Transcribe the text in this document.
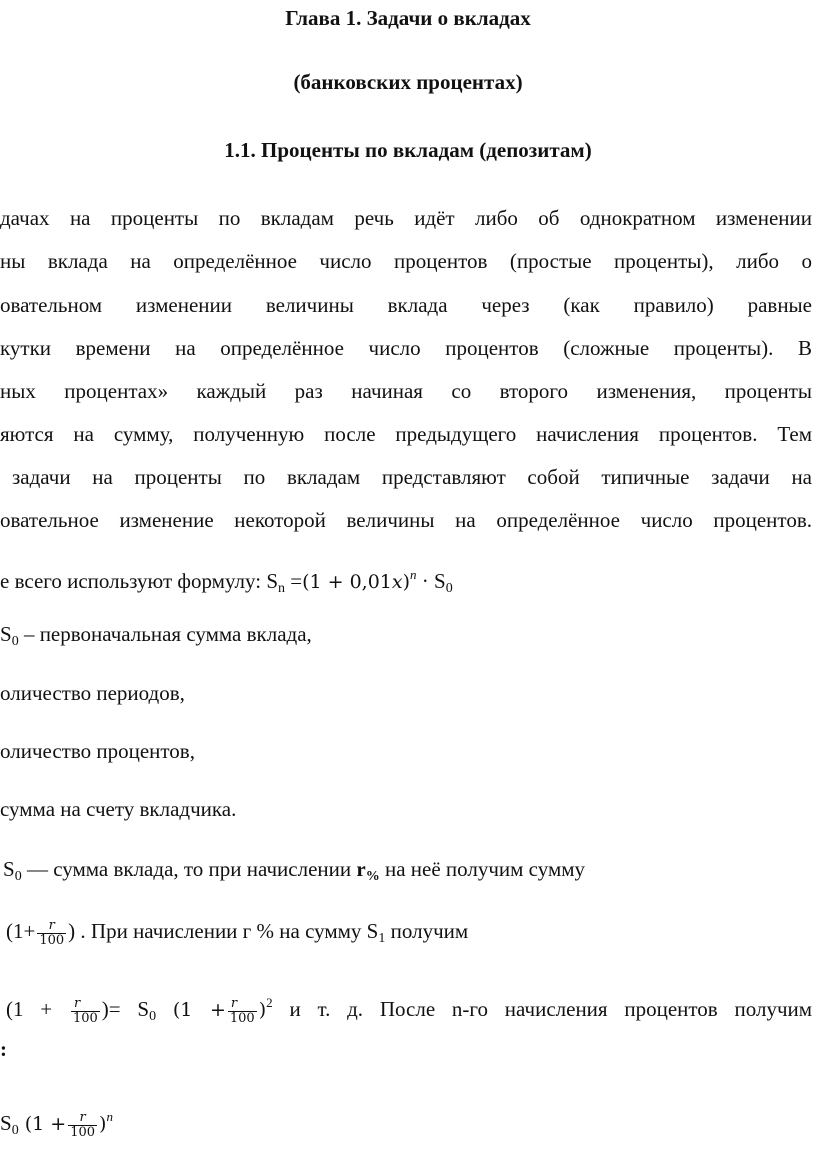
Глава 1. Задачи о вкладах
(банковских процентах)
1.1. Проценты по вкладам (депозитам)
дачах на проценты по вкладам речь идёт либо об однократном изменении
ны вклада на определённое число процентов (простые проценты), либо о
овательном изменении величины вклада через (как правило) равные
кутки времени на определённое число процентов (сложные проценты). В
ных процентах» каждый раз начиная со второго изменения, проценты
яются на сумму, полученную после предыдущего начисления процентов. Тем
задачи на проценты по вкладам представляют собой типичные задачи на
овательное изменение некоторой величины на определённое число процентов.
е всего используют формулу: $S_n =(1 + 0,01x)^n \cdot S_0$
$S_0$ – первоначальная сумма вклада,
оличество периодов,
оличество процентов,
сумма на счету вкладчика.
$S_0$ — сумма вклада, то при начислении r% на неё получим сумму
($1+ \frac{r}{100}$ ) . При начислении г % на сумму $S_1$ получим
($1 + \frac{r}{100}$ )= $S_0$ $(1 + \frac{r}{100} )^2$ и т. д. После n-го начисления процентов получим
:
$S_0$ $(1 + \frac{r}{100} )^n$
